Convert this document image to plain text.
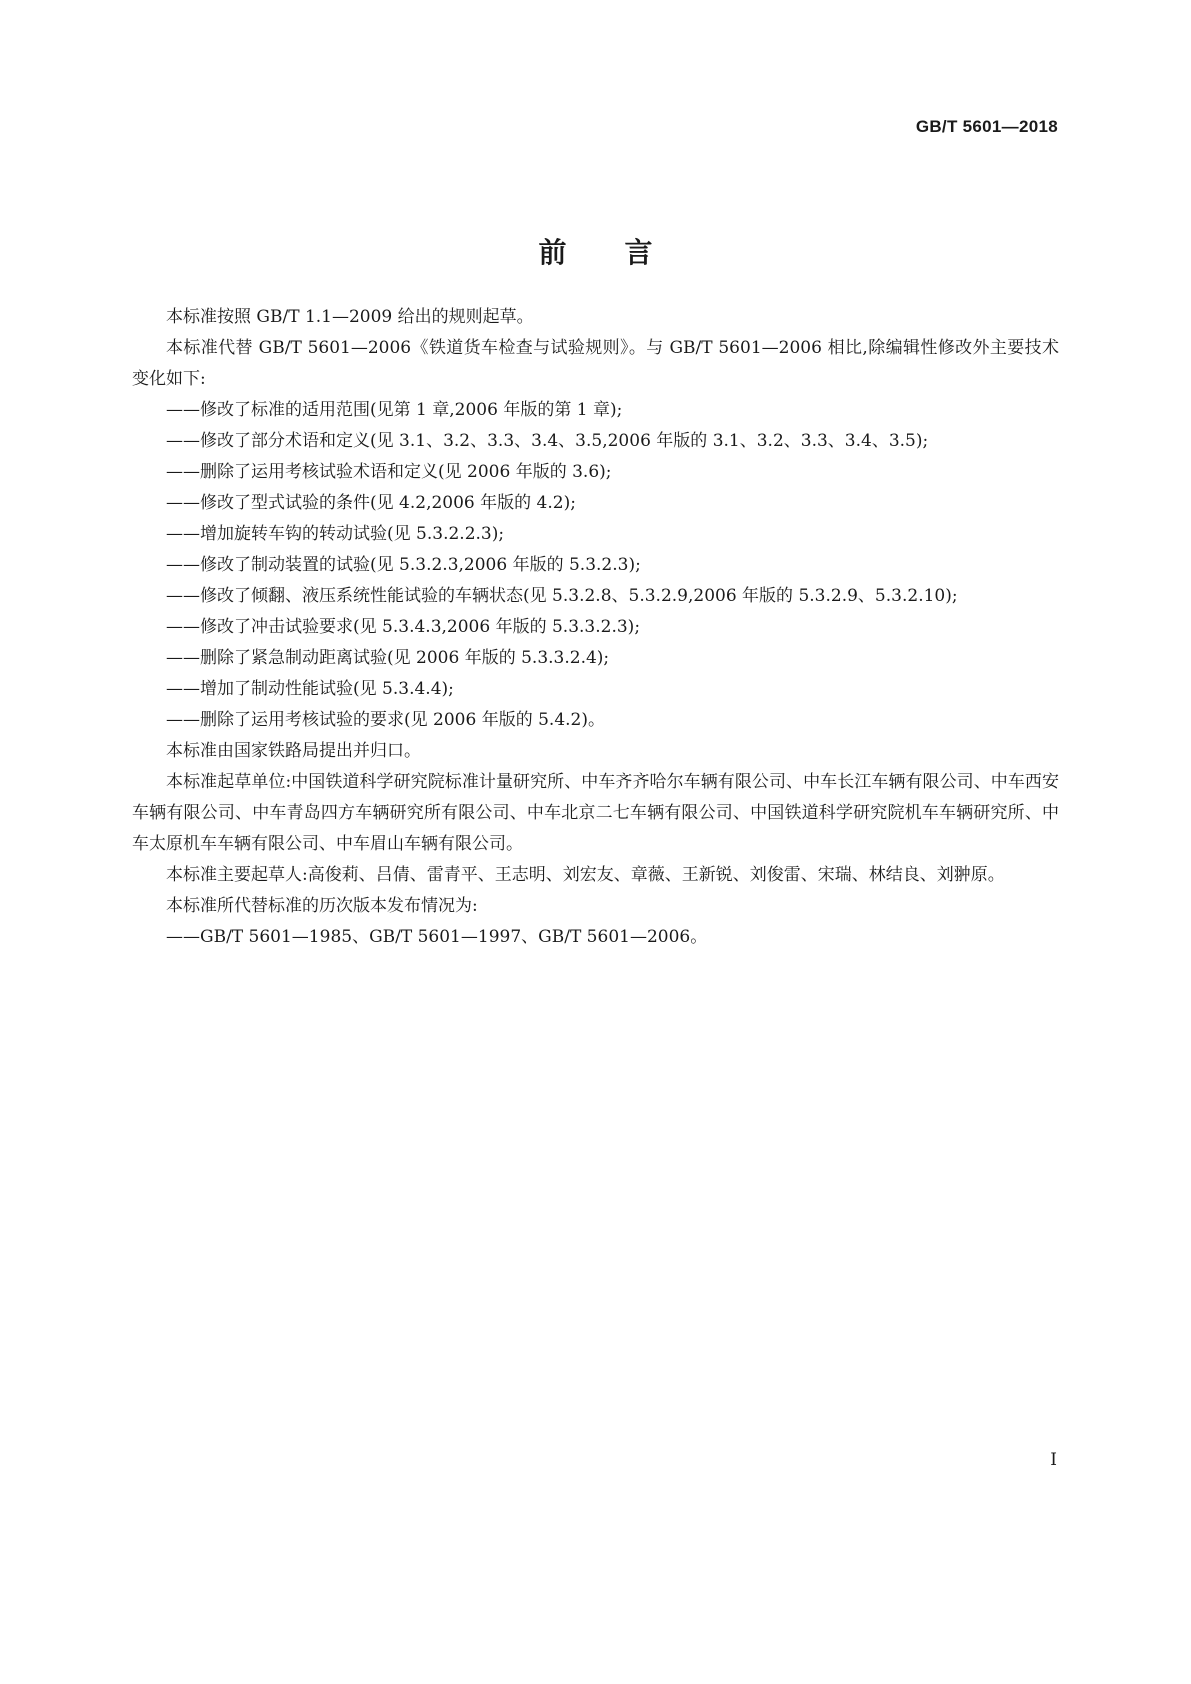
GB/T 5601—2018
前言

本标准按照 GB/T 1.1—2009 给出的规则起草。

本标准代替 GB/T 5601—2006《铁道货车检查与试验规则》。与 GB/T 5601—2006 相比,除编辑性修改外主要技术变化如下:

——修改了标准的适用范围(见第 1 章,2006 年版的第 1 章);

——修改了部分术语和定义(见 3.1、3.2、3.3、3.4、3.5,2006 年版的 3.1、3.2、3.3、3.4、3.5);

——删除了运用考核试验术语和定义(见 2006 年版的 3.6);

——修改了型式试验的条件(见 4.2,2006 年版的 4.2);

——增加旋转车钩的转动试验(见 5.3.2.2.3);

——修改了制动装置的试验(见 5.3.2.3,2006 年版的 5.3.2.3);

——修改了倾翻、液压系统性能试验的车辆状态(见 5.3.2.8、5.3.2.9,2006 年版的 5.3.2.9、5.3.2.10);

——修改了冲击试验要求(见 5.3.4.3,2006 年版的 5.3.3.2.3);

——删除了紧急制动距离试验(见 2006 年版的 5.3.3.2.4);

——增加了制动性能试验(见 5.3.4.4);

——删除了运用考核试验的要求(见 2006 年版的 5.4.2)。

本标准由国家铁路局提出并归口。

本标准起草单位:中国铁道科学研究院标准计量研究所、中车齐齐哈尔车辆有限公司、中车长江车辆有限公司、中车西安车辆有限公司、中车青岛四方车辆研究所有限公司、中车北京二七车辆有限公司、中国铁道科学研究院机车车辆研究所、中车太原机车车辆有限公司、中车眉山车辆有限公司。

本标准主要起草人:高俊莉、吕倩、雷青平、王志明、刘宏友、章薇、王新锐、刘俊雷、宋瑞、林结良、刘翀原。

本标准所代替标准的历次版本发布情况为:

——GB/T 5601—1985、GB/T 5601—1997、GB/T 5601—2006。

I
